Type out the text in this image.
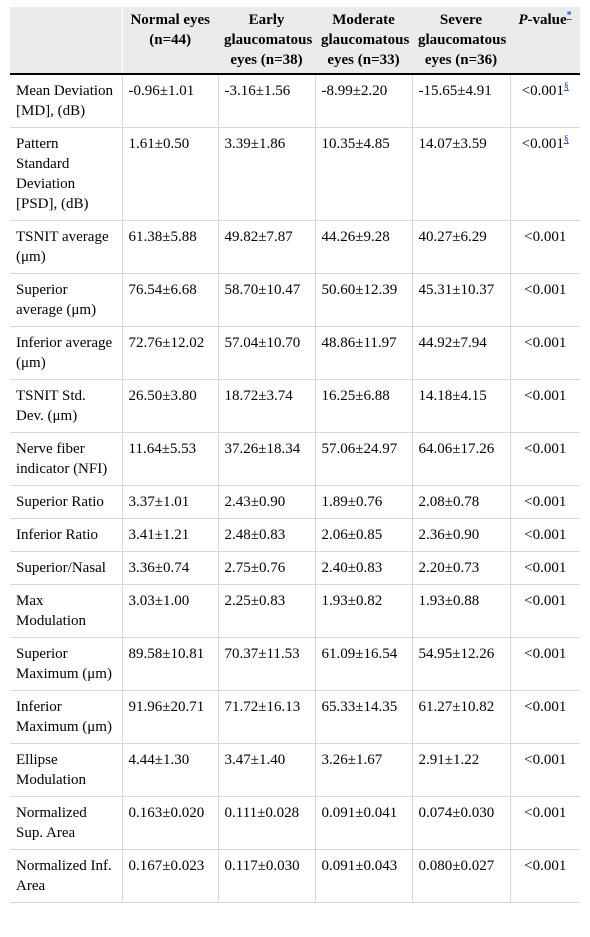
	Normal eyes (n=44)	Early glaucomatous eyes (n=38)	Moderate glaucomatous eyes (n=33)	Severe glaucomatous eyes (n=36)	P-value*
Mean Deviation [MD], (dB)	-0.96±1.01	-3.16±1.56	-8.99±2.20	-15.65±4.91	<0.001§
Pattern Standard Deviation [PSD], (dB)	1.61±0.50	3.39±1.86	10.35±4.85	14.07±3.59	<0.001§
TSNIT average (μm)	61.38±5.88	49.82±7.87	44.26±9.28	40.27±6.29	<0.001
Superior average (μm)	76.54±6.68	58.70±10.47	50.60±12.39	45.31±10.37	<0.001
Inferior average (μm)	72.76±12.02	57.04±10.70	48.86±11.97	44.92±7.94	<0.001
TSNIT Std. Dev. (μm)	26.50±3.80	18.72±3.74	16.25±6.88	14.18±4.15	<0.001
Nerve fiber indicator (NFI)	11.64±5.53	37.26±18.34	57.06±24.97	64.06±17.26	<0.001
Superior Ratio	3.37±1.01	2.43±0.90	1.89±0.76	2.08±0.78	<0.001
Inferior Ratio	3.41±1.21	2.48±0.83	2.06±0.85	2.36±0.90	<0.001
Superior/Nasal	3.36±0.74	2.75±0.76	2.40±0.83	2.20±0.73	<0.001
Max Modulation	3.03±1.00	2.25±0.83	1.93±0.82	1.93±0.88	<0.001
Superior Maximum (μm)	89.58±10.81	70.37±11.53	61.09±16.54	54.95±12.26	<0.001
Inferior Maximum (μm)	91.96±20.71	71.72±16.13	65.33±14.35	61.27±10.82	<0.001
Ellipse Modulation	4.44±1.30	3.47±1.40	3.26±1.67	2.91±1.22	<0.001
Normalized Sup. Area	0.163±0.020	0.111±0.028	0.091±0.041	0.074±0.030	<0.001
Normalized Inf. Area	0.167±0.023	0.117±0.030	0.091±0.043	0.080±0.027	<0.001
